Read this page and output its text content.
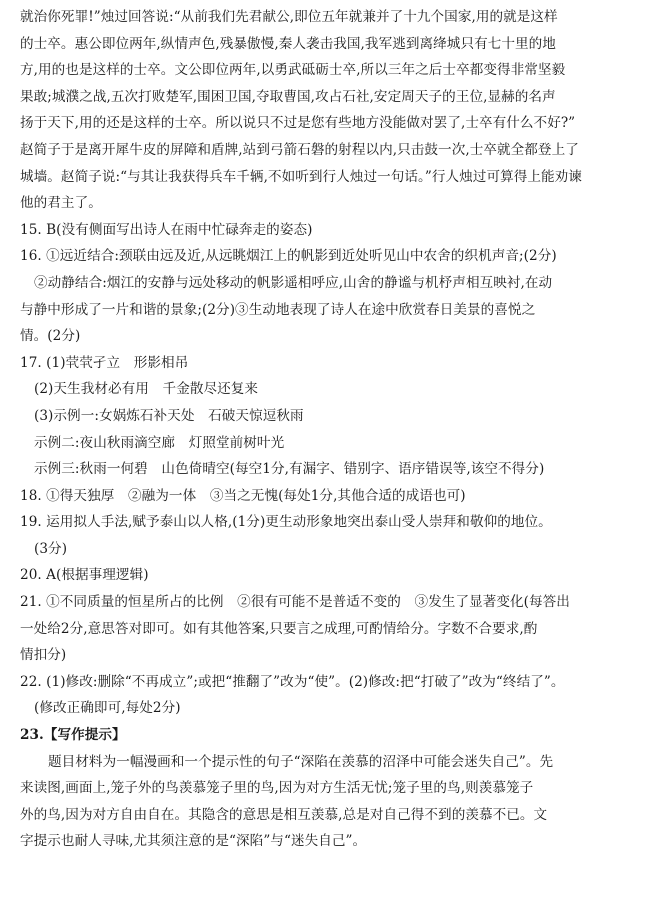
就治你死罪!”烛过回答说:“从前我们先君献公,即位五年就兼并了十九个国家,用的就是这样
的士卒。惠公即位两年,纵情声色,残暴傲慢,秦人袭击我国,我军逃到离绛城只有七十里的地
方,用的也是这样的士卒。文公即位两年,以勇武砥砺士卒,所以三年之后士卒都变得非常坚毅
果敢;城濮之战,五次打败楚军,围困卫国,夺取曹国,攻占石社,安定周天子的王位,显赫的名声
扬于天下,用的还是这样的士卒。所以说只不过是您有些地方没能做对罢了,士卒有什么不好?”
赵简子于是离开犀牛皮的屏障和盾牌,站到弓箭石磐的射程以内,只击鼓一次,士卒就全都登上了
城墙。赵简子说:“与其让我获得兵车千辆,不如听到行人烛过一句话。”行人烛过可算得上能劝谏
他的君主了。
15. B(没有侧面写出诗人在雨中忙碌奔走的姿态)
16. ①远近结合:颈联由远及近,从远眺烟江上的帆影到近处听见山中农舍的织机声音;(2分)
②动静结合:烟江的安静与远处移动的帆影遥相呼应,山舍的静谧与机杼声相互映衬,在动
与静中形成了一片和谐的景象;(2分)③生动地表现了诗人在途中欣赏春日美景的喜悦之
情。(2分)
17. (1)茕茕孑立　形影相吊
(2)天生我材必有用　千金散尽还复来
(3)示例一:女娲炼石补天处　石破天惊逗秋雨
示例二:夜山秋雨滴空廊　灯照堂前树叶光
示例三:秋雨一何碧　山色倚晴空(每空1分,有漏字、错别字、语序错误等,该空不得分)
18. ①得天独厚　②融为一体　③当之无愧(每处1分,其他合适的成语也可)
19. 运用拟人手法,赋予泰山以人格,(1分)更生动形象地突出泰山受人崇拜和敬仰的地位。
(3分)
20. A(根据事理逻辑)
21. ①不同质量的恒星所占的比例　②很有可能不是普适不变的　③发生了显著变化(每答出
一处给2分,意思答对即可。如有其他答案,只要言之成理,可酌情给分。字数不合要求,酌
情扣分)
22. (1)修改:删除“不再成立”;或把“推翻了”改为“使”。(2)修改:把“打破了”改为“终结了”。
(修改正确即可,每处2分)
23.【写作提示】
题目材料为一幅漫画和一个提示性的句子“深陷在羡慕的沼泽中可能会迷失自己”。先
来读图,画面上,笼子外的鸟羡慕笼子里的鸟,因为对方生活无忧;笼子里的鸟,则羡慕笼子
外的鸟,因为对方自由自在。其隐含的意思是相互羡慕,总是对自己得不到的羡慕不已。文
字提示也耐人寻味,尤其须注意的是“深陷”与“迷失自己”。
